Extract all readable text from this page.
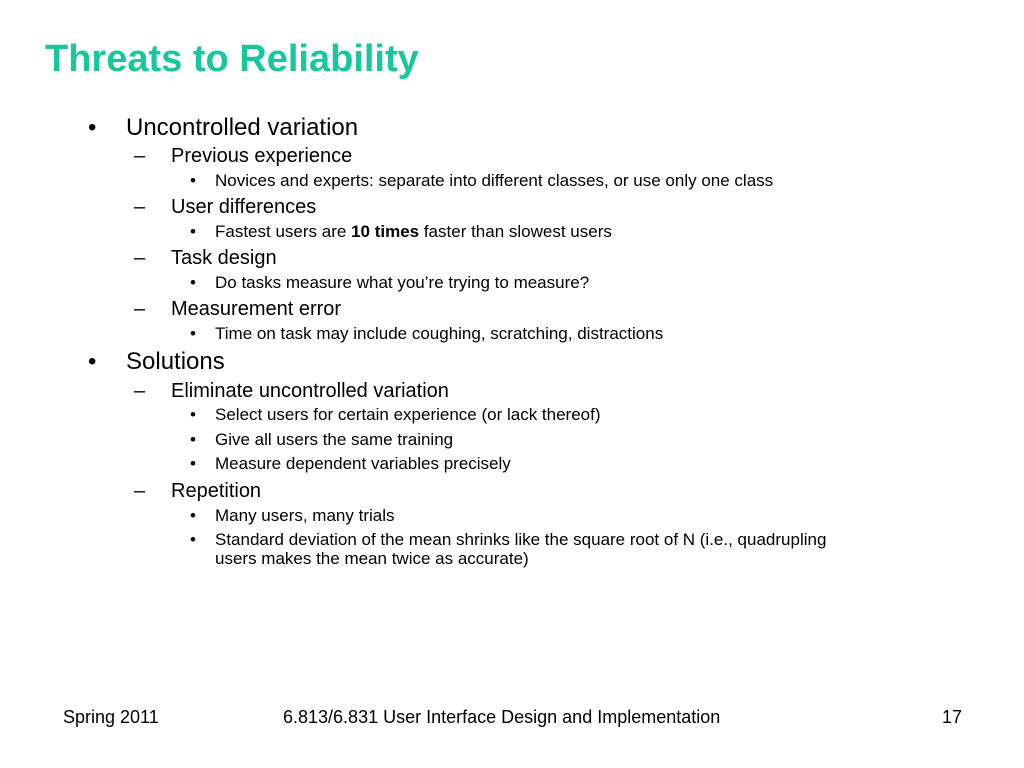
Threats to Reliability
• Uncontrolled variation
– Previous experience
• Novices and experts: separate into different classes, or use only one class
– User differences
• Fastest users are 10 times faster than slowest users
– Task design
• Do tasks measure what you’re trying to measure?
– Measurement error
• Time on task may include coughing, scratching, distractions
• Solutions
– Eliminate uncontrolled variation
• Select users for certain experience (or lack thereof)
• Give all users the same training
• Measure dependent variables precisely
– Repetition
• Many users, many trials
• Standard deviation of the mean shrinks like the square root of N (i.e., quadrupling
users makes the mean twice as accurate)
Spring 2011	6.813/6.831 User Interface Design and Implementation	17
